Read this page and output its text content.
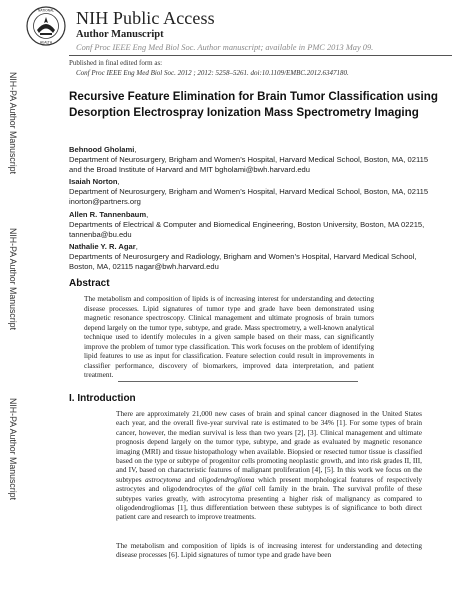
NATIONAL
HEALTH
NIH Public Access
Author Manuscript
Conf Proc IEEE Eng Med Biol Soc. Author manuscript; available in PMC 2013 May 09.
NIH-PA Author Manuscript
NIH-PA Author Manuscript
NIH-PA Author Manuscript
Published in final edited form as:
Conf Proc IEEE Eng Med Biol Soc. 2012 ; 2012: 5258–5261. doi:10.1109/EMBC.2012.6347180.
Recursive Feature Elimination for Brain Tumor Classification using Desorption Electrospray Ionization Mass Spectrometry Imaging
Behnood Gholami,
Department of Neurosurgery, Brigham and Women’s Hospital, Harvard Medical School, Boston, MA, 02115 and the Broad Institute of Harvard and MIT bgholami@bwh.harvard.edu
Isaiah Norton,
Department of Neurosurgery, Brigham and Women’s Hospital, Harvard Medical School, Boston, MA, 02115 inorton@partners.org
Allen R. Tannenbaum,
Departments of Electrical & Computer and Biomedical Engineering, Boston University, Boston, MA 02215, tannenba@bu.edu
Nathalie Y. R. Agar,
Departments of Neurosurgery and Radiology, Brigham and Women’s Hospital, Harvard Medical School, Boston, MA, 02115 nagar@bwh.harvard.edu
Abstract
The metabolism and composition of lipids is of increasing interest for understanding and detecting disease processes. Lipid signatures of tumor type and grade have been demonstrated using magnetic resonance spectroscopy. Clinical management and ultimate prognosis of brain tumors depend largely on the tumor type, subtype, and grade. Mass spectrometry, a well-known analytical technique used to identify molecules in a given sample based on their mass, can significantly improve the problem of tumor type classification. This work focuses on the problem of identifying lipid features to use as input for classification. Feature selection could result in improvements in classifier performance, discovery of biomarkers, improved data interpretation, and patient treatment.
I. Introduction
There are approximately 21,000 new cases of brain and spinal cancer diagnosed in the United States each year, and the overall five-year survival rate is estimated to be 34% [1]. For some types of brain cancer, however, the median survival is less than two years [2], [3]. Clinical management and ultimate prognosis depend largely on the tumor type, subtype, and grade as evaluated by magnetic resonance imaging (MRI) and tissue histopathology when available. Biopsied or resected tumor tissue is classified based on the type or subtype of progenitor cells promoting neoplastic growth, and into risk grades II, III, and IV, based on characteristic features of malignant proliferation [4], [5]. In this work we focus on the subtypes astrocytoma and oligodendroglioma which present morphological features of respectively astrocytes and oligodendrocytes of the glial cell family in the brain. The survival profile of these subtypes varies greatly, with astrocytoma presenting a higher risk of malignancy as compared to oligodendrogliomas [1], thus differentiation between these subtypes is of significance to both direct patient care and research to improve treatments.
The metabolism and composition of lipids is of increasing interest for understanding and detecting disease processes [6]. Lipid signatures of tumor type and grade have been
